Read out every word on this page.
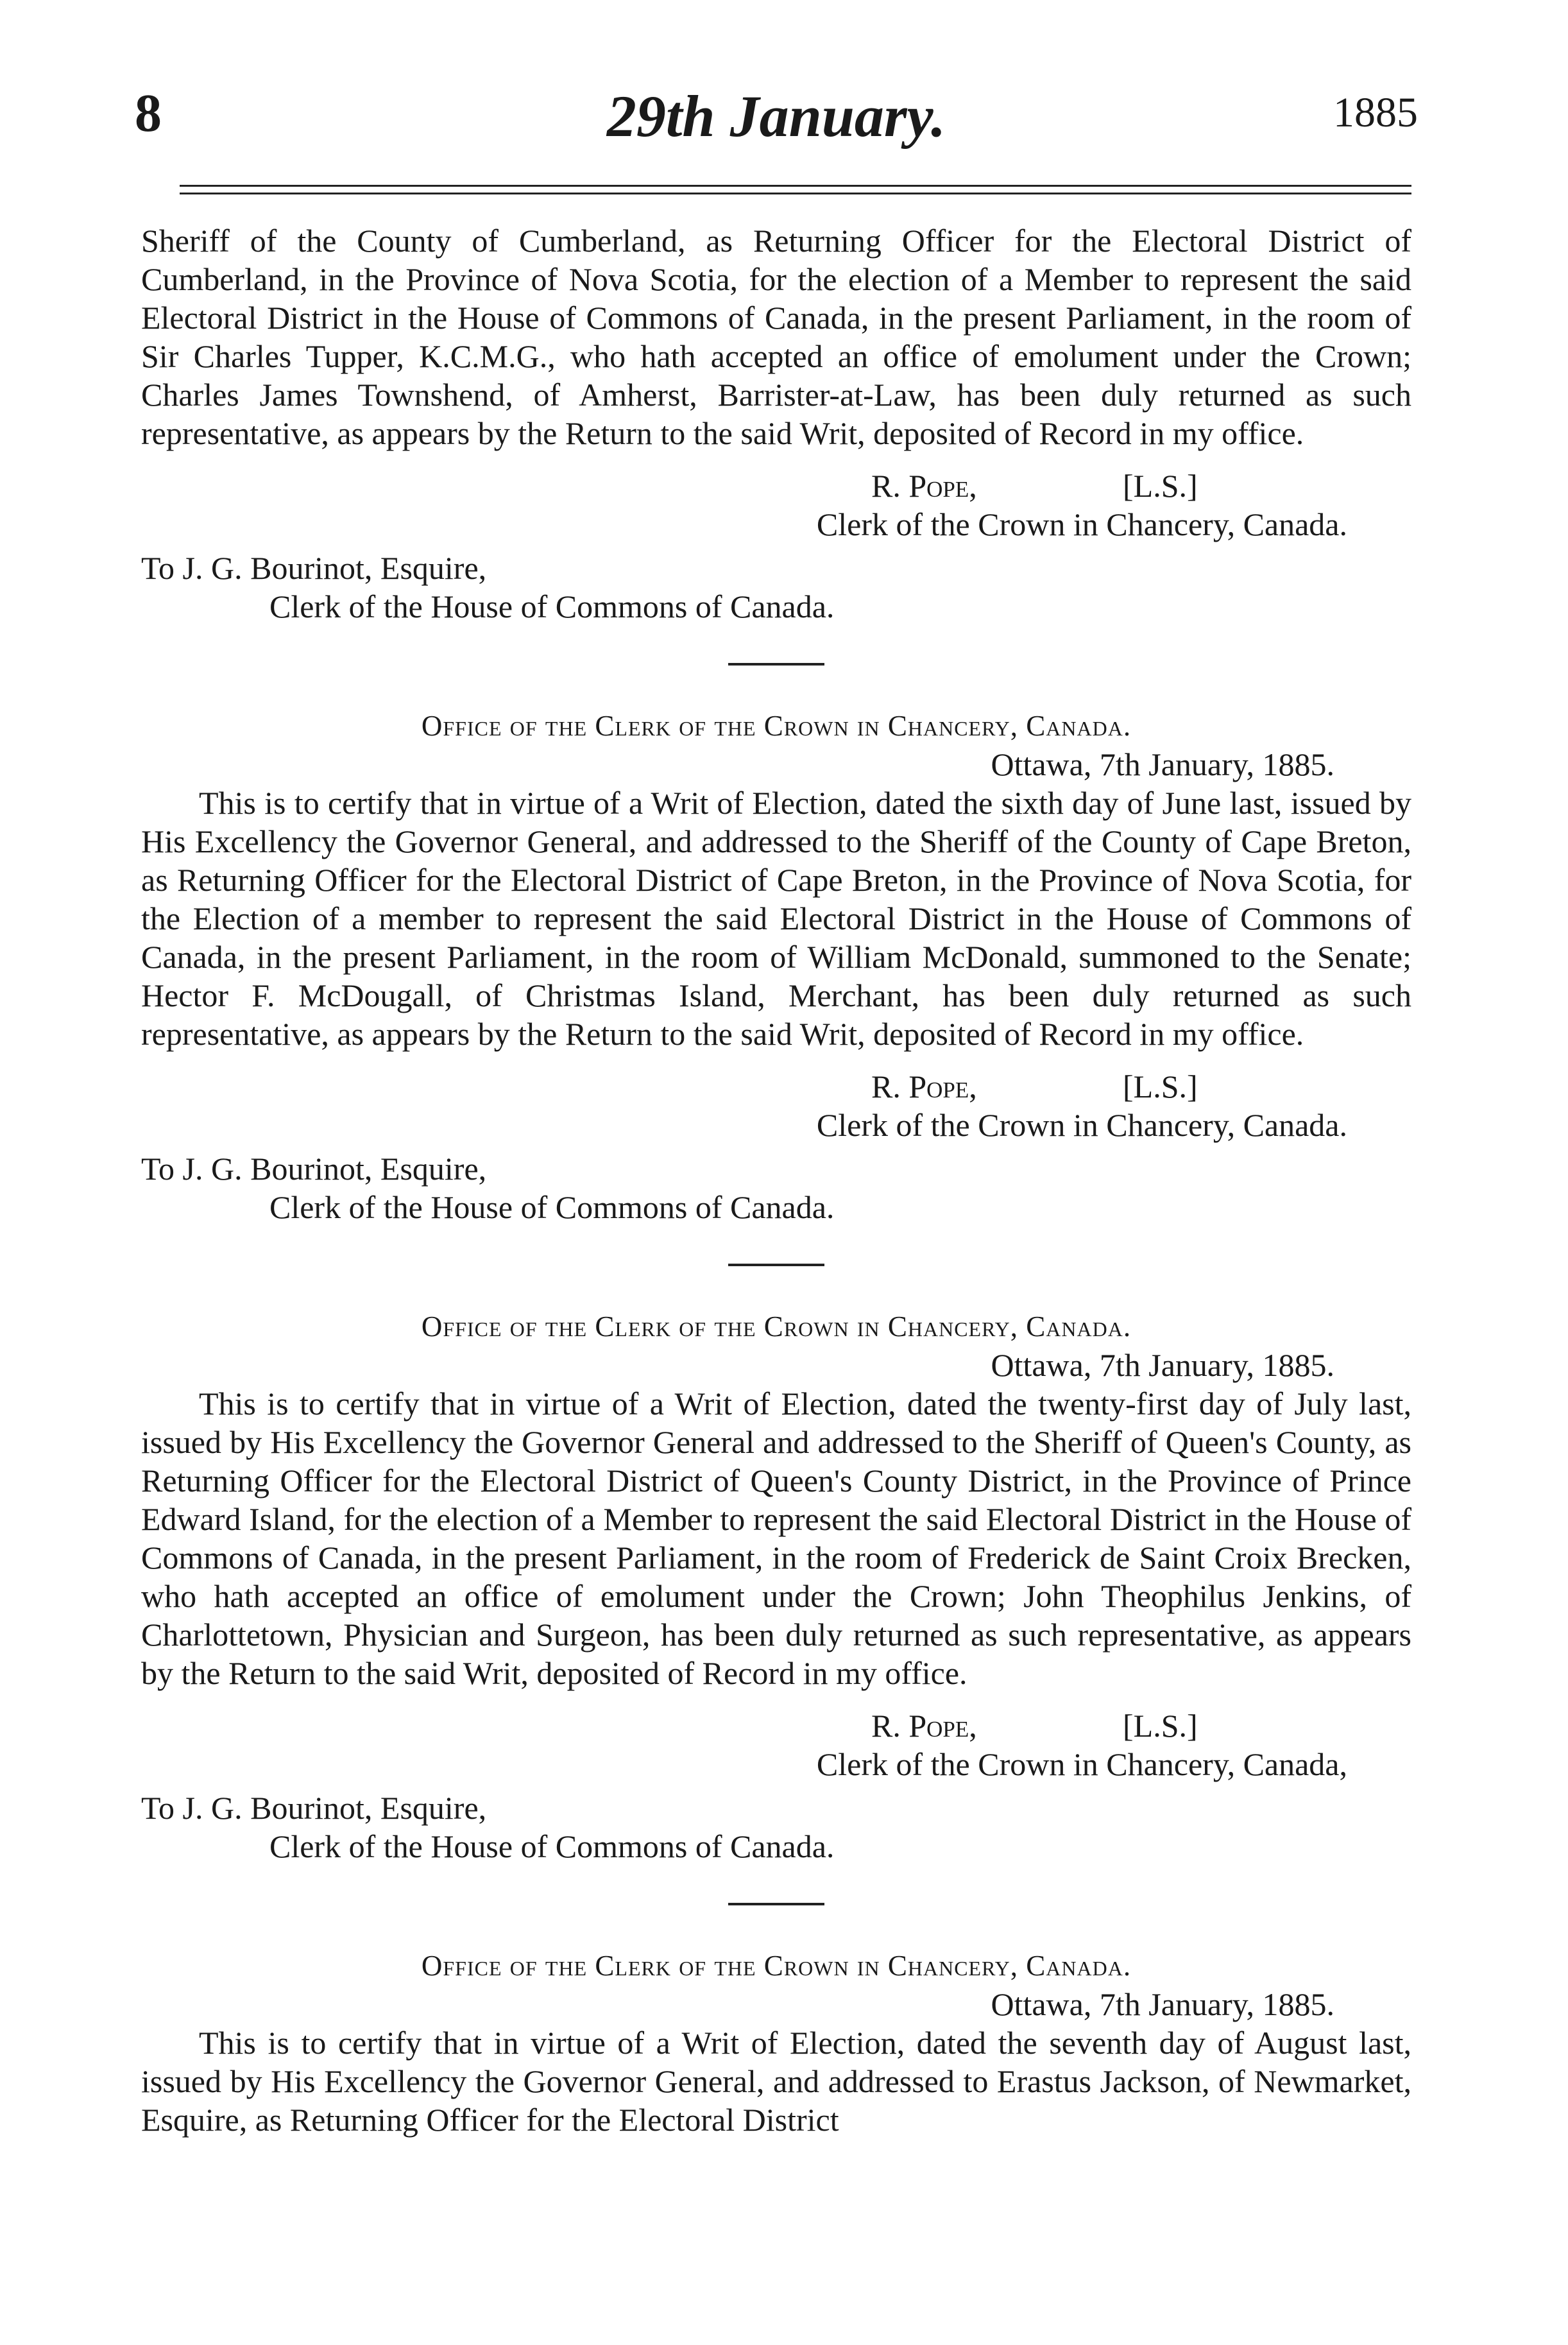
8	29th January.	1885

Sheriff of the County of Cumberland, as Returning Officer for the Electoral District of Cumberland, in the Province of Nova Scotia, for the election of a Member to represent the said Electoral District in the House of Commons of Canada, in the present Parliament, in the room of Sir Charles Tupper, K.C.M.G., who hath accepted an office of emolument under the Crown; Charles James Townshend, of Amherst, Barrister-at-Law, has been duly returned as such representative, as appears by the Return to the said Writ, deposited of Record in my office.

R. Pope,	[L.S.]
Clerk of the Crown in Chancery, Canada.
To J. G. Bourinot, Esquire,
Clerk of the House of Commons of Canada.
Office of the Clerk of the Crown in Chancery, Canada.
Ottawa, 7th January, 1885.

This is to certify that in virtue of a Writ of Election, dated the sixth day of June last, issued by His Excellency the Governor General, and addressed to the Sheriff of the County of Cape Breton, as Returning Officer for the Electoral District of Cape Breton, in the Province of Nova Scotia, for the Election of a member to represent the said Electoral District in the House of Commons of Canada, in the present Parliament, in the room of William McDonald, summoned to the Senate; Hector F. McDougall, of Christmas Island, Merchant, has been duly returned as such representative, as appears by the Return to the said Writ, deposited of Record in my office.

R. Pope,	[L.S.]
Clerk of the Crown in Chancery, Canada.
To J. G. Bourinot, Esquire,
Clerk of the House of Commons of Canada.
Office of the Clerk of the Crown in Chancery, Canada.
Ottawa, 7th January, 1885.

This is to certify that in virtue of a Writ of Election, dated the twenty-first day of July last, issued by His Excellency the Governor General and addressed to the Sheriff of Queen's County, as Returning Officer for the Electoral District of Queen's County District, in the Province of Prince Edward Island, for the election of a Member to represent the said Electoral District in the House of Commons of Canada, in the present Parliament, in the room of Frederick de Saint Croix Brecken, who hath accepted an office of emolument under the Crown; John Theophilus Jenkins, of Charlottetown, Physician and Surgeon, has been duly returned as such representative, as appears by the Return to the said Writ, deposited of Record in my office.

R. Pope,	[L.S.]
Clerk of the Crown in Chancery, Canada,
To J. G. Bourinot, Esquire,
Clerk of the House of Commons of Canada.
Office of the Clerk of the Crown in Chancery, Canada.
Ottawa, 7th January, 1885.

This is to certify that in virtue of a Writ of Election, dated the seventh day of August last, issued by His Excellency the Governor General, and addressed to Erastus Jackson, of Newmarket, Esquire, as Returning Officer for the Electoral District
